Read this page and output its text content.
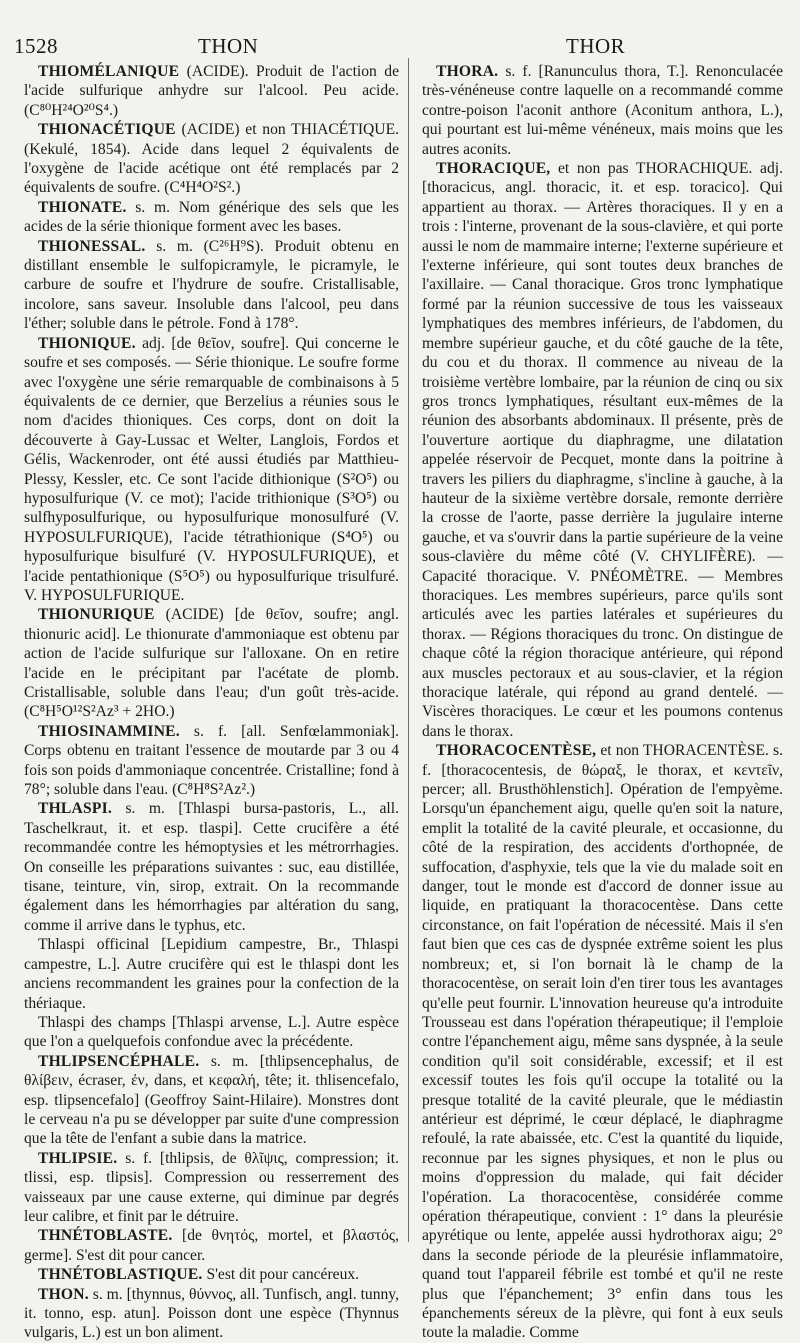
1528	THON	THOR

THIOMÉLANIQUE (ACIDE). Produit de l'action de l'acide sulfurique anhydre sur l'alcool. Peu acide. (C⁸⁰H²⁴O²⁰S⁴.)

THIONACÉTIQUE (ACIDE) et non THIACÉTIQUE. (Kekulé, 1854). Acide dans lequel 2 équivalents de l'oxygène de l'acide acétique ont été remplacés par 2 équivalents de soufre. (C⁴H⁴O²S².)

THIONATE. s. m. Nom générique des sels que les acides de la série thionique forment avec les bases.

THIONESSAL. s. m. (C²⁶H⁹S). Produit obtenu en distillant ensemble le sulfopicramyle, le picramyle, le carbure de soufre et l'hydrure de soufre. Cristallisable, incolore, sans saveur. Insoluble dans l'alcool, peu dans l'éther; soluble dans le pétrole. Fond à 178°.

THIONIQUE. adj. [de θεῖον, soufre]. Qui concerne le soufre et ses composés. — Série thionique. Le soufre forme avec l'oxygène une série remarquable de combinaisons à 5 équivalents de ce dernier, que Berzelius a réunies sous le nom d'acides thioniques. Ces corps, dont on doit la découverte à Gay-Lussac et Welter, Langlois, Fordos et Gélis, Wackenroder, ont été aussi étudiés par Matthieu-Plessy, Kessler, etc. Ce sont l'acide dithionique (S²O⁵) ou hyposulfurique (V. ce mot); l'acide trithionique (S³O⁵) ou sulfhyposulfurique, ou hyposulfurique monosulfuré (V. HYPOSULFURIQUE), l'acide tétrathionique (S⁴O⁵) ou hyposulfurique bisulfuré (V. HYPOSULFURIQUE), et l'acide pentathionique (S⁵O⁵) ou hyposulfurique trisulfuré. V. HYPOSULFURIQUE.

THIONURIQUE (ACIDE) [de θεῖον, soufre; angl. thionuric acid]. Le thionurate d'ammoniaque est obtenu par action de l'acide sulfurique sur l'alloxane. On en retire l'acide en le précipitant par l'acétate de plomb. Cristallisable, soluble dans l'eau; d'un goût très-acide. (C⁸H⁵O¹²S²Az³ + 2HO.)

THIOSINAMMINE. s. f. [all. Senfœlammoniak]. Corps obtenu en traitant l'essence de moutarde par 3 ou 4 fois son poids d'ammoniaque concentrée. Cristalline; fond à 78°; soluble dans l'eau. (C⁸H⁸S²Az².)

THLASPI. s. m. [Thlaspi bursa-pastoris, L., all. Taschelkraut, it. et esp. tlaspi]. Cette crucifère a été recommandée contre les hémoptysies et les métrorrhagies. On conseille les préparations suivantes : suc, eau distillée, tisane, teinture, vin, sirop, extrait. On la recommande également dans les hémorrhagies par altération du sang, comme il arrive dans le typhus, etc.

Thlaspi officinal [Lepidium campestre, Br., Thlaspi campestre, L.]. Autre crucifère qui est le thlaspi dont les anciens recommandent les graines pour la confection de la thériaque.

Thlaspi des champs [Thlaspi arvense, L.]. Autre espèce que l'on a quelquefois confondue avec la précédente.

THLIPSENCÉPHALE. s. m. [thlipsencephalus, de θλίβειν, écraser, ἐν, dans, et κεφαλή, tête; it. thlisencefalo, esp. tlipsencefalo] (Geoffroy Saint-Hilaire). Monstres dont le cerveau n'a pu se développer par suite d'une compression que la tête de l'enfant a subie dans la matrice.

THLIPSIE. s. f. [thlipsis, de θλῖψις, compression; it. tlissi, esp. tlipsis]. Compression ou resserrement des vaisseaux par une cause externe, qui diminue par degrés leur calibre, et finit par le détruire.

THNÉTOBLASTE. [de θνητός, mortel, et βλαστός, germe]. S'est dit pour cancer.

THNÉTOBLASTIQUE. S'est dit pour cancéreux.

THON. s. m. [thynnus, θύννος, all. Tunfisch, angl. tunny, it. tonno, esp. atun]. Poisson dont une espèce (Thynnus vulgaris, L.) est un bon aliment.

THORA. s. f. [Ranunculus thora, T.]. Renonculacée très-vénéneuse contre laquelle on a recommandé comme contre-poison l'aconit anthore (Aconitum anthora, L.), qui pourtant est lui-même vénéneux, mais moins que les autres aconits.

THORACIQUE, et non pas THORACHIQUE. adj. [thoracicus, angl. thoracic, it. et esp. toracico]. Qui appartient au thorax. — Artères thoraciques. Il y en a trois : l'interne, provenant de la sous-clavière, et qui porte aussi le nom de mammaire interne; l'externe supérieure et l'externe inférieure, qui sont toutes deux branches de l'axillaire. — Canal thoracique. Gros tronc lymphatique formé par la réunion successive de tous les vaisseaux lymphatiques des membres inférieurs, de l'abdomen, du membre supérieur gauche, et du côté gauche de la tête, du cou et du thorax. Il commence au niveau de la troisième vertèbre lombaire, par la réunion de cinq ou six gros troncs lymphatiques, résultant eux-mêmes de la réunion des absorbants abdominaux. Il présente, près de l'ouverture aortique du diaphragme, une dilatation appelée réservoir de Pecquet, monte dans la poitrine à travers les piliers du diaphragme, s'incline à gauche, à la hauteur de la sixième vertèbre dorsale, remonte derrière la crosse de l'aorte, passe derrière la jugulaire interne gauche, et va s'ouvrir dans la partie supérieure de la veine sous-clavière du même côté (V. CHYLIFÈRE). — Capacité thoracique. V. PNÉOMÈTRE. — Membres thoraciques. Les membres supérieurs, parce qu'ils sont articulés avec les parties latérales et supérieures du thorax. — Régions thoraciques du tronc. On distingue de chaque côté la région thoracique antérieure, qui répond aux muscles pectoraux et au sous-clavier, et la région thoracique latérale, qui répond au grand dentelé. — Viscères thoraciques. Le cœur et les poumons contenus dans le thorax.

THORACOCENTÈSE, et non THORACENTÈSE. s. f. [thoracocentesis, de θώραξ, le thorax, et κεντεῖν, percer; all. Brusthöhlenstich]. Opération de l'empyème. Lorsqu'un épanchement aigu, quelle qu'en soit la nature, emplit la totalité de la cavité pleurale, et occasionne, du côté de la respiration, des accidents d'orthopnée, de suffocation, d'asphyxie, tels que la vie du malade soit en danger, tout le monde est d'accord de donner issue au liquide, en pratiquant la thoracocentèse. Dans cette circonstance, on fait l'opération de nécessité. Mais il s'en faut bien que ces cas de dyspnée extrême soient les plus nombreux; et, si l'on bornait là le champ de la thoracocentèse, on serait loin d'en tirer tous les avantages qu'elle peut fournir. L'innovation heureuse qu'a introduite Trousseau est dans l'opération thérapeutique; il l'emploie contre l'épanchement aigu, même sans dyspnée, à la seule condition qu'il soit considérable, excessif; et il est excessif toutes les fois qu'il occupe la totalité ou la presque totalité de la cavité pleurale, que le médiastin antérieur est déprimé, le cœur déplacé, le diaphragme refoulé, la rate abaissée, etc. C'est la quantité du liquide, reconnue par les signes physiques, et non le plus ou moins d'oppression du malade, qui fait décider l'opération. La thoracocentèse, considérée comme opération thérapeutique, convient : 1° dans la pleurésie apyrétique ou lente, appelée aussi hydrothorax aigu; 2° dans la seconde période de la pleurésie inflammatoire, quand tout l'appareil fébrile est tombé et qu'il ne reste plus que l'épanchement; 3° enfin dans tous les épanchements séreux de la plèvre, qui font à eux seuls toute la maladie. Comme
